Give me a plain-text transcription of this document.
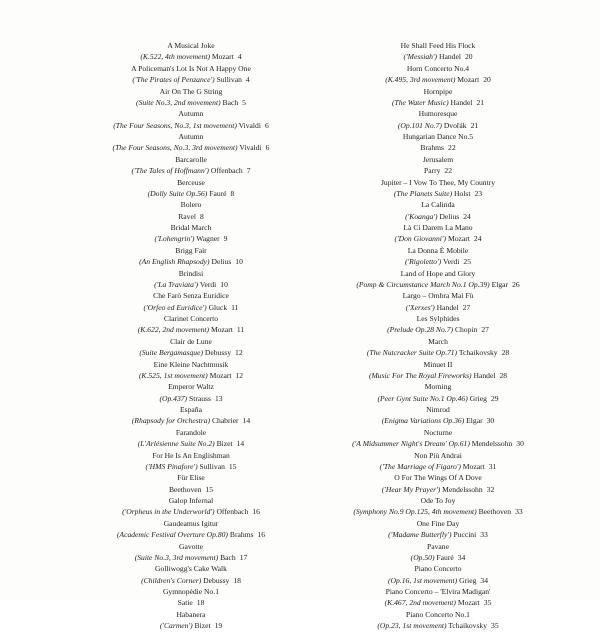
A Musical Joke
(K.522, 4th movement) Mozart 4
A Policeman's Lot Is Not A Happy One
('The Pirates of Penzance') Sullivan 4
Air On The G String
(Suite No.3, 2nd movement) Bach 5
Autumn
(The Four Seasons, No.3, 1st movement) Vivaldi 6
Autumn
(The Four Seasons, No.3, 3rd movement) Vivaldi 6
Barcarolle
('The Tales of Hoffmann') Offenbach 7
Berceuse
(Dolly Suite Op.56) Fauré 8
Bolero
Ravel 8
Bridal March
('Lohengrin') Wagner 9
Brigg Fair
(An English Rhapsody) Delius 10
Brindisi
('La Traviata') Verdi 10
Che Farò Senza Euridice
('Orfeo ed Euridice') Gluck 11
Clarinet Concerto
(K.622, 2nd movement) Mozart 11
Clair de Lune
(Suite Bergamasque) Debussy 12
Eine Kleine Nachtmusik
(K.525, 1st movement) Mozart 12
Emperor Waltz
(Op.437) Strauss 13
España
(Rhapsody for Orchestra) Chabrier 14
Farandole
(L'Arlésienne Suite No.2) Bizet 14
For He Is An Englishman
('HMS Pinafore') Sullivan 15
Für Elise
Beethoven 15
Galop Infernal
('Orpheus in the Underworld') Offenbach 16
Gaudeamus Igitur
(Academic Festival Overture Op.80) Brahms 16
Gavotte
(Suite No.3, 3rd movement) Bach 17
Golliwogg's Cake Walk
(Children's Corner) Debussy 18
Gymnopédie No.1
Satie 18
Habanera
('Carmen') Bizet 19
He Shall Feed His Flock
('Messiah') Handel 20
Horn Concerto No.4
(K.495, 3rd movement) Mozart 20
Hornpipe
(The Water Music) Handel 21
Humoresque
(Op.101 No.7) Dvořák 21
Hungarian Dance No.5
Brahms 22
Jerusalem
Parry 22
Jupiter – I Vow To Thee, My Country
(The Planets Suite) Holst 23
La Calinda
('Koanga') Delius 24
Là Ci Darem La Mano
('Don Giovanni') Mozart 24
La Donna È Mobile
('Rigoletto') Verdi 25
Land of Hope and Glory
(Pomp & Circumstance March No.1 Op.39) Elgar 26
Largo – Ombra Mai Fù
('Xerxes') Handel 27
Les Sylphides
(Prelude Op.28 No.7) Chopin 27
March
(The Nutcracker Suite Op.71) Tchaikovsky 28
Minuet II
(Music For The Royal Fireworks) Handel 28
Morning
(Peer Gynt Suite No.1 Op.46) Grieg 29
Nimrod
(Enigma Variations Op.36) Elgar 30
Nocturne
('A Midsummer Night's Dream' Op.61) Mendelssohn 30
Non Più Andrai
('The Marriage of Figaro') Mozart 31
O For The Wings Of A Dove
('Hear My Prayer') Mendelssohn 32
Ode To Joy
(Symphony No.9 Op.125, 4th movement) Beethoven 33
One Fine Day
('Madame Butterfly') Puccini 33
Pavane
(Op.50) Fauré 34
Piano Concerto
(Op.16, 1st movement) Grieg 34
Piano Concerto – 'Elvira Madigan'
(K.467, 2nd movement) Mozart 35
Piano Concerto No.1
(Op.23, 1st movement) Tchaikovsky 35
